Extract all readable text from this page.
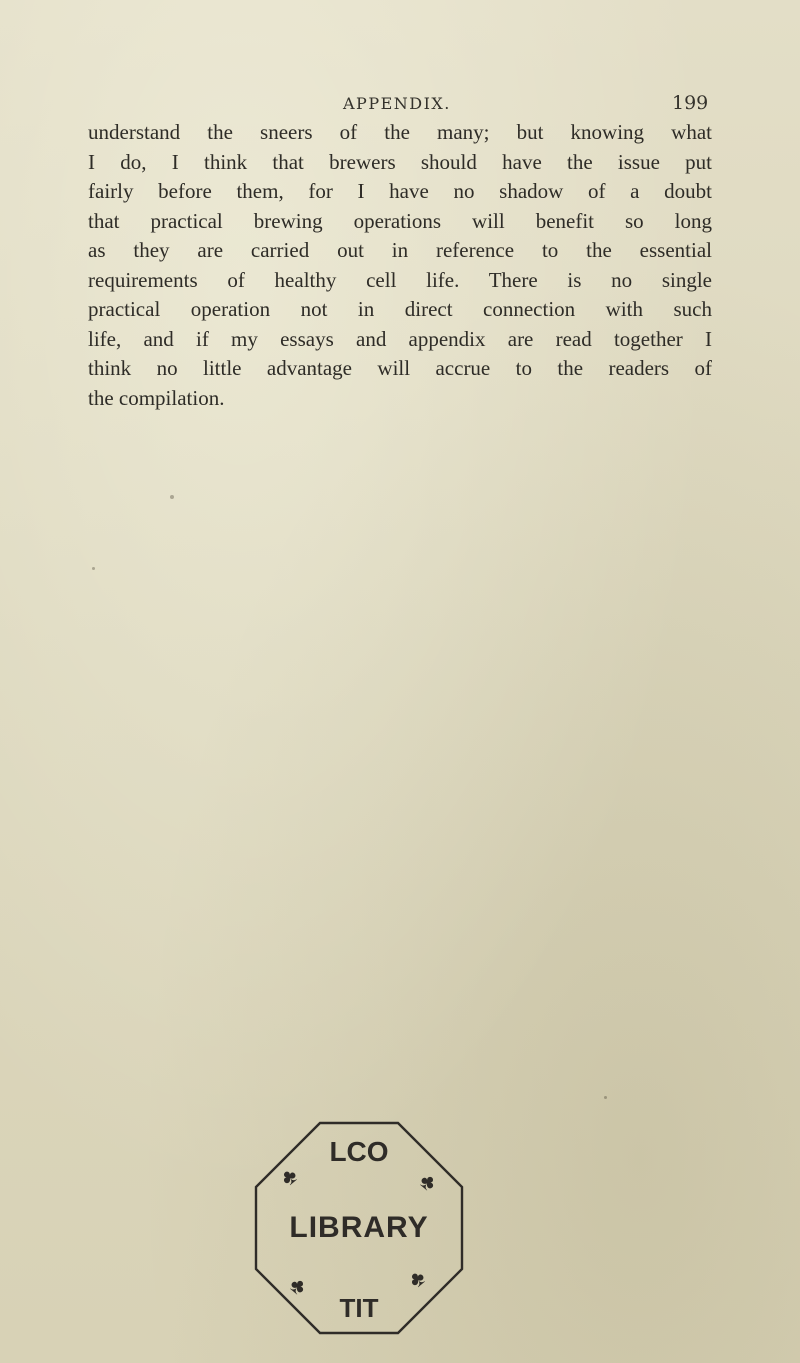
APPENDIX.	199
understand the sneers of the many; but knowing what
I do, I think that brewers should have the issue put
fairly before them, for I have no shadow of a doubt
that practical brewing operations will benefit so long
as they are carried out in reference to the essential
requirements of healthy cell life. There is no single
practical operation not in direct connection with such
life, and if my essays and appendix are read together I
think no little advantage will accrue to the readers of
the compilation.
LCO
♣	♣
LIBRARY
♣	♣
TIT
